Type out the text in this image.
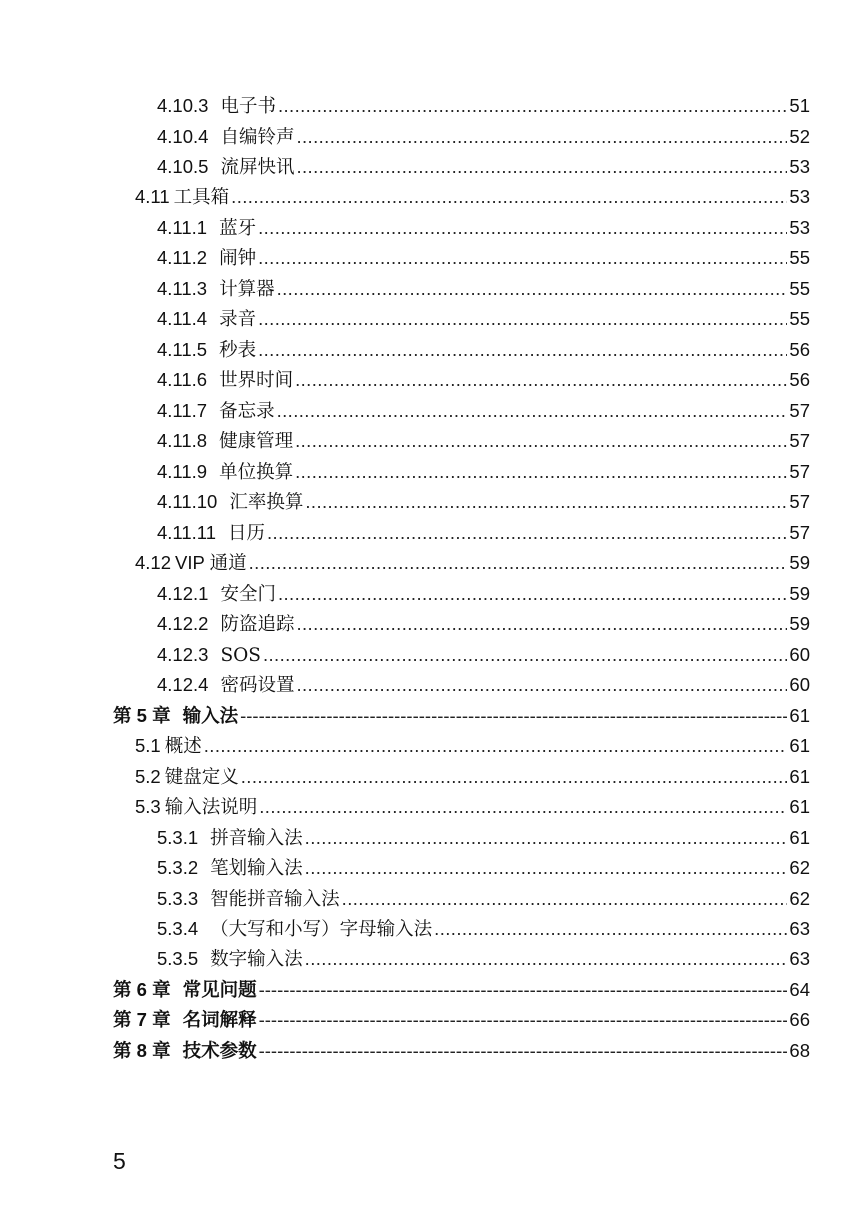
4.10.3 电子书 .....	51
4.10.4 自编铃声 .....	52
4.10.5 流屏快讯 .....	53
4.11 工具箱 .....	53
4.11.1 蓝牙 .....	53
4.11.2 闹钟 .....	55
4.11.3 计算器 .....	55
4.11.4 录音 .....	55
4.11.5 秒表 .....	56
4.11.6 世界时间 .....	56
4.11.7 备忘录 .....	57
4.11.8 健康管理 .....	57
4.11.9 单位换算 .....	57
4.11.10 汇率换算 .....	57
4.11.11 日历 .....	57
4.12 VIP 通道 .....	59
4.12.1 安全门 .....	59
4.12.2 防盗追踪 .....	59
4.12.3 SOS .....	60
4.12.4 密码设置 .....	60
第 5 章 输入法 -----	61
5.1 概述 .....	61
5.2 键盘定义 .....	61
5.3 输入法说明 .....	61
5.3.1 拼音输入法 .....	61
5.3.2 笔划输入法 .....	62
5.3.3 智能拼音输入法 .....	62
5.3.4 （大写和小写）字母输入法 .....	63
5.3.5 数字输入法 .....	63
第 6 章 常见问题 -----	64
第 7 章 名词解释 -----	66
第 8 章 技术参数 -----	68
5
